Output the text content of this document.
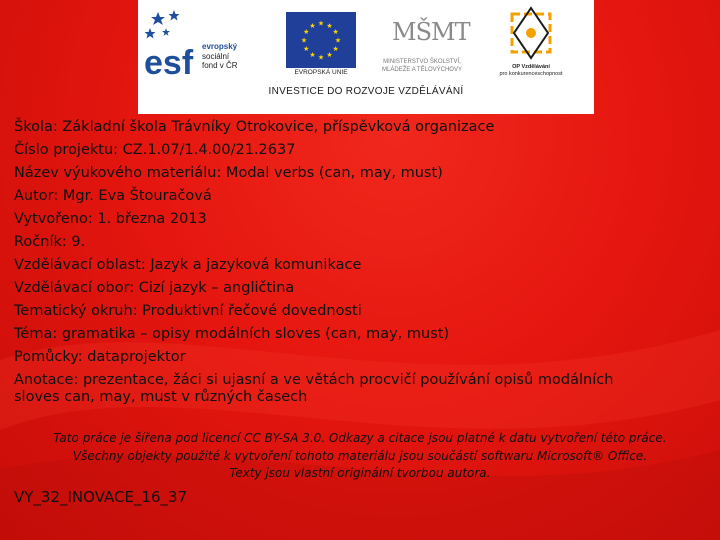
esf evropský
sociální
fond v ČR
★ ★
★
★
★
★
★
★
★
★
★
★
EVROPSKÁ UNIE
MŠMT
MINISTERSTVO ŠKOLSTVÍ,
MLÁDEŽE A TĚLOVÝCHOVY	OP Vzdělávání
pro konkurenceschopnost
INVESTICE DO ROZVOJE VZDĚLÁVÁNÍ
Škola: Základní škola Trávníky Otrokovice, příspěvková organizace
Číslo projektu: CZ.1.07/1.4.00/21.2637
Název výukového materiálu: Modal verbs (can, may, must)
Autor: Mgr. Eva Štouračová
Vytvořeno: 1. března 2013
Ročník: 9.
Vzdělávací oblast: Jazyk a jazyková komunikace
Vzdělávací obor: Cizí jazyk – angličtina
Tematický okruh: Produktivní řečové dovednosti
Téma: gramatika – opisy modálních sloves (can, may, must)
Pomůcky: dataprojektor
Anotace: prezentace, žáci si ujasní a ve větách procvičí používání opisů modálních
sloves can, may, must v různých časech
Tato práce je šířena pod licencí CC BY-SA 3.0. Odkazy a citace jsou platné k datu vytvoření této práce.
Všechny objekty použité k vytvoření tohoto materiálu jsou součástí softwaru Microsoft® Office.
Texty jsou vlastní originální tvorbou autora.
VY_32_INOVACE_16_37
